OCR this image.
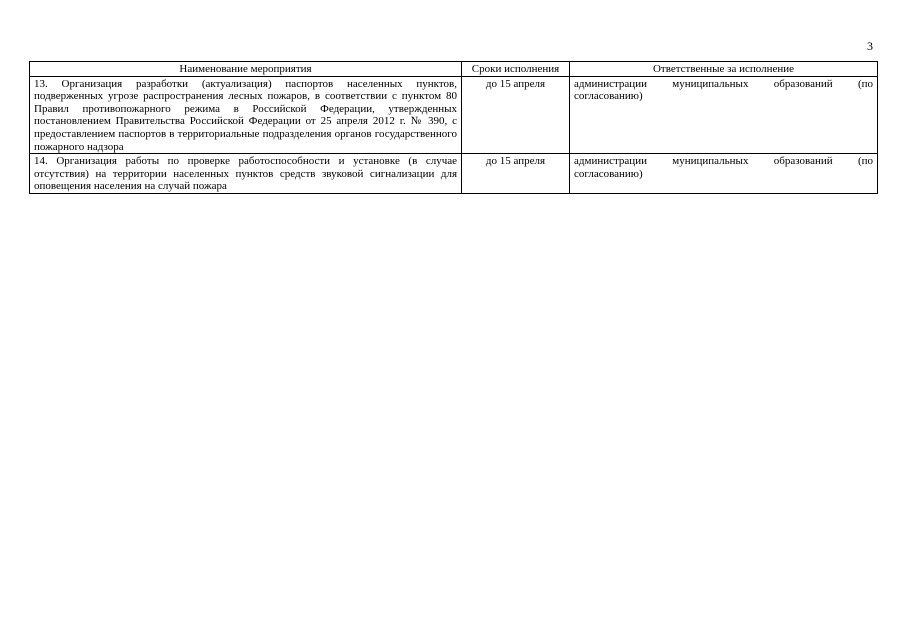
3
Наименование мероприятия	Сроки исполнения	Ответственные за исполнение
13. Организация разработки (актуализация) паспортов населенных пунктов, подверженных угрозе распространения лесных пожаров, в соответствии с пунктом 80 Правил противопожарного режима в Российской Федерации, утвержденных постановлением Правительства Российской Федерации от 25 апреля 2012 г. № 390, с предоставлением паспортов в территориальные подразделения органов государственного пожарного надзора	до 15 апреля	администрации муниципальных образований (по согласованию)
14. Организация работы по проверке работоспособности и установке (в случае отсутствия) на территории населенных пунктов средств звуковой сигнализации для оповещения населения на случай пожара	до 15 апреля	администрации муниципальных образований (по согласованию)
